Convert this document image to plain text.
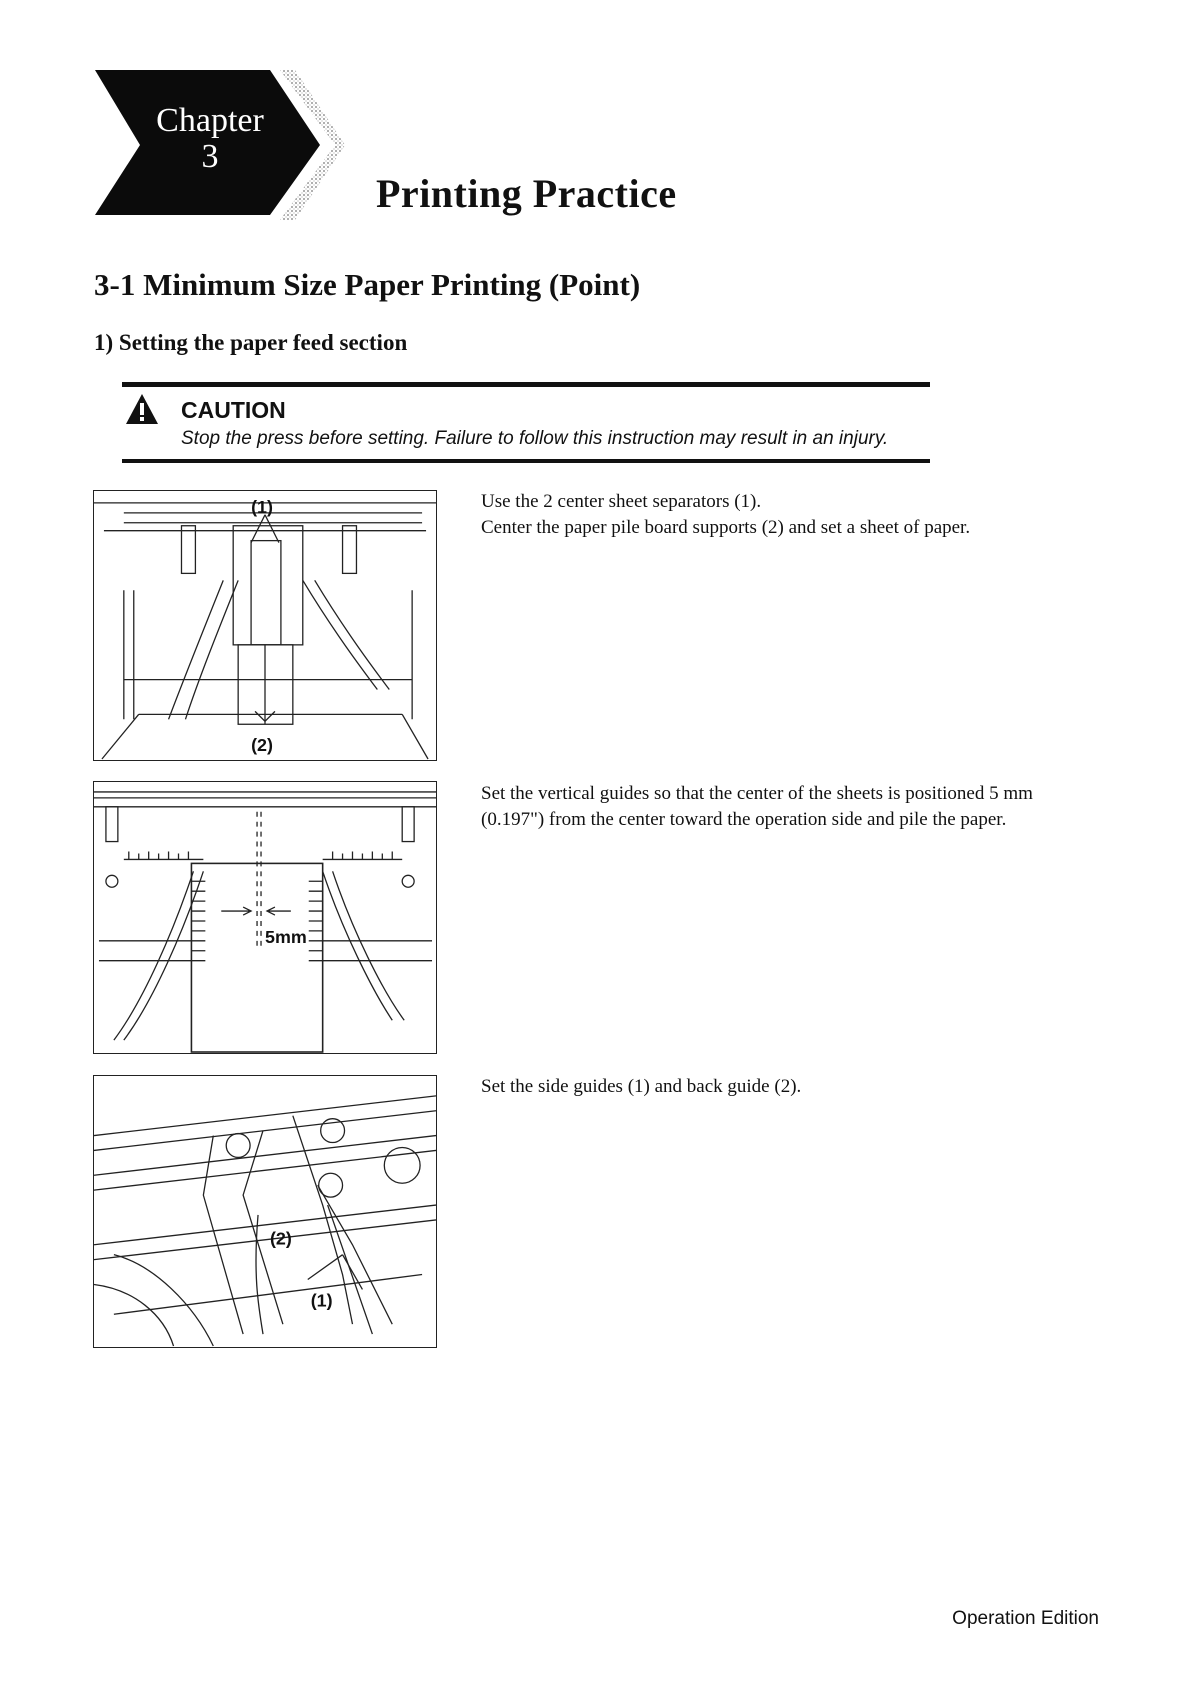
Chapter
3
Printing Practice
3-1 Minimum Size Paper Printing (Point)
1) Setting the paper feed section
CAUTION
Stop the press before setting. Failure to follow this instruction may result in an injury.
(1)
(2)
5mm
(2)
(1)
Use the 2 center sheet separators (1).
Center the paper pile board supports (2) and set a sheet of paper.
Set the vertical guides so that the center of the sheets is positioned 5 mm
(0.197") from the center toward the operation side and pile the paper.
Set the side guides (1) and back guide (2).
Operation Edition
